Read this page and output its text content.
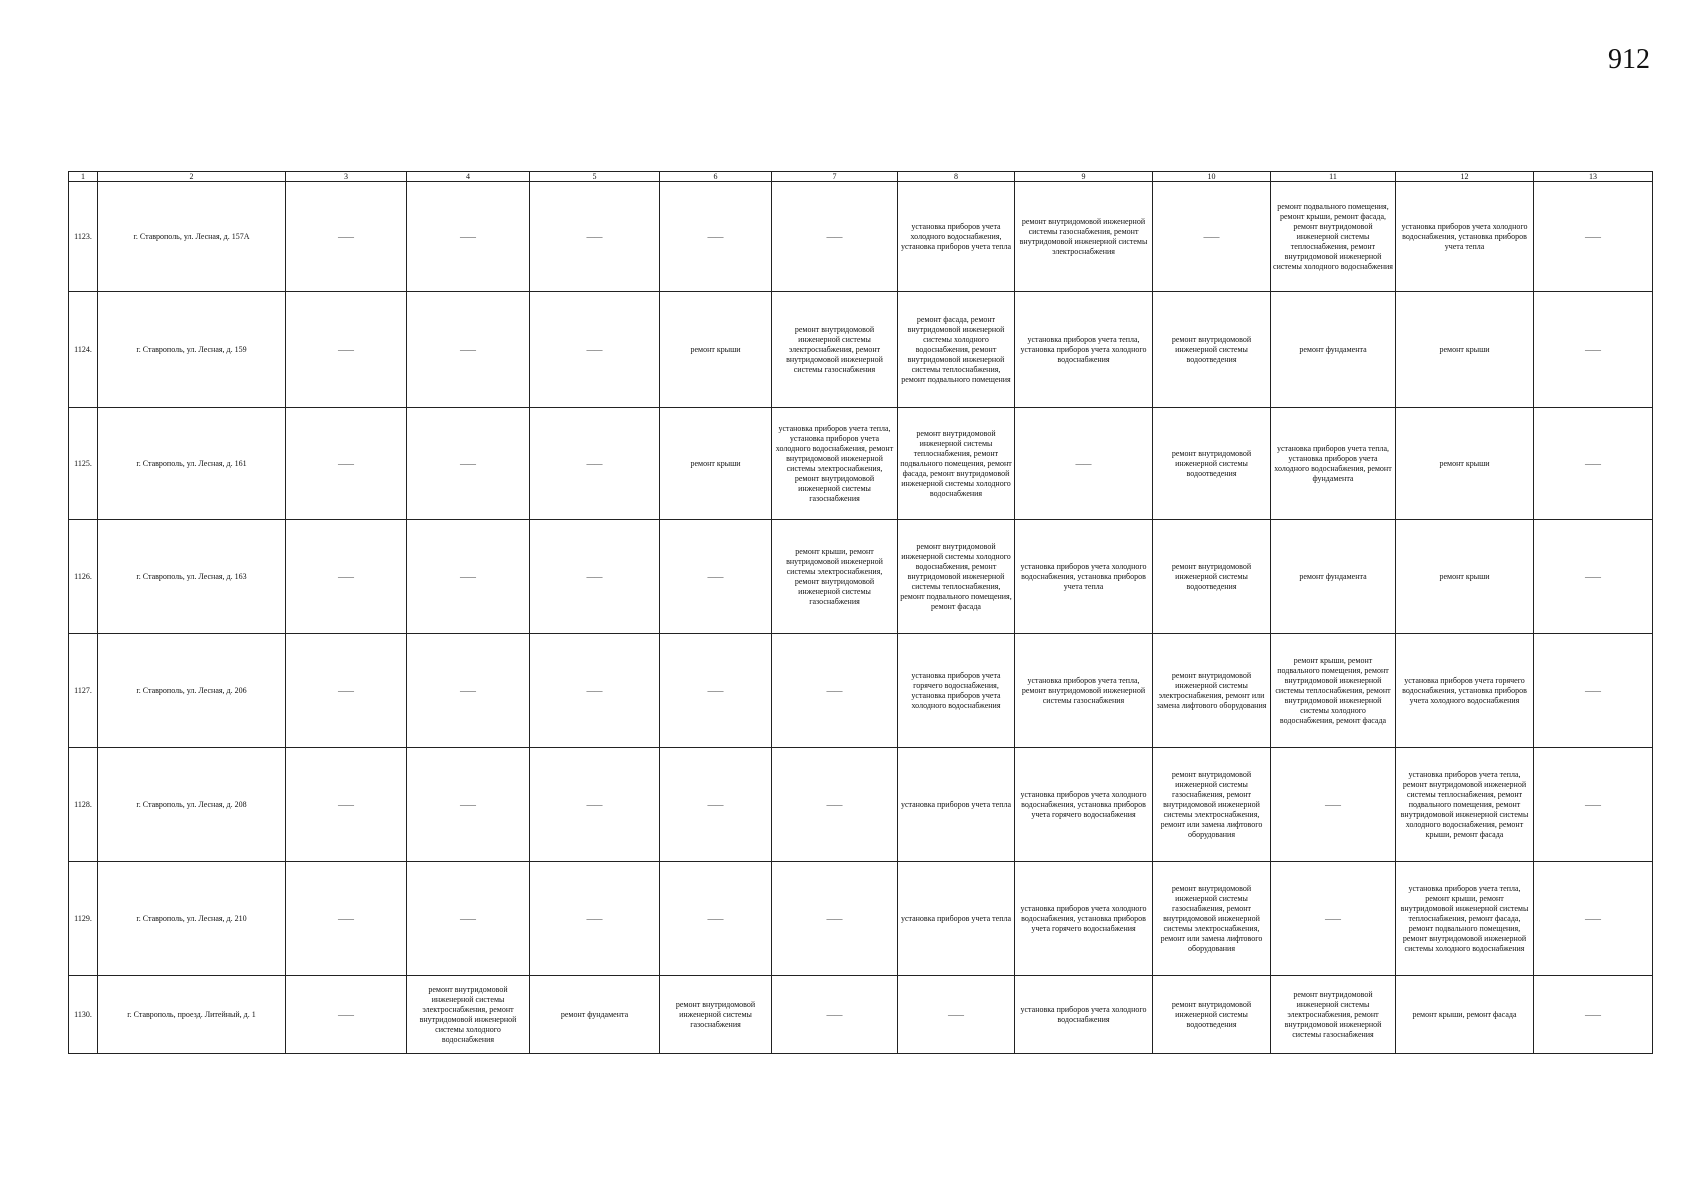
912
1	2	3	4	5	6	7	8	9	10	11	12	13
1123.	г. Ставрополь, ул. Лесная, д. 157А	——	——	——	——	——	установка приборов учета холодного водоснабжения, установка приборов учета тепла	ремонт внутридомовой инженерной системы газоснабжения, ремонт внутридомовой инженерной системы электроснабжения	——	ремонт подвального помещения, ремонт крыши, ремонт фасада, ремонт внутридомовой инженерной системы теплоснабжения, ремонт внутридомовой инженерной системы холодного водоснабжения	установка приборов учета холодного водоснабжения, установка приборов учета тепла	——
1124.	г. Ставрополь, ул. Лесная, д. 159	——	——	——	ремонт крыши	ремонт внутридомовой инженерной системы электроснабжения, ремонт внутридомовой инженерной системы газоснабжения	ремонт фасада, ремонт внутридомовой инженерной системы холодного водоснабжения, ремонт внутридомовой инженерной системы теплоснабжения, ремонт подвального помещения	установка приборов учета тепла, установка приборов учета холодного водоснабжения	ремонт внутридомовой инженерной системы водоотведения	ремонт фундамента	ремонт крыши	——
1125.	г. Ставрополь, ул. Лесная, д. 161	——	——	——	ремонт крыши	установка приборов учета тепла, установка приборов учета холодного водоснабжения, ремонт внутридомовой инженерной системы электроснабжения, ремонт внутридомовой инженерной системы газоснабжения	ремонт внутридомовой инженерной системы теплоснабжения, ремонт подвального помещения, ремонт фасада, ремонт внутридомовой инженерной системы холодного водоснабжения	——	ремонт внутридомовой инженерной системы водоотведения	установка приборов учета тепла, установка приборов учета холодного водоснабжения, ремонт фундамента	ремонт крыши	——
1126.	г. Ставрополь, ул. Лесная, д. 163	——	——	——	——	ремонт крыши, ремонт внутридомовой инженерной системы электроснабжения, ремонт внутридомовой инженерной системы газоснабжения	ремонт внутридомовой инженерной системы холодного водоснабжения, ремонт внутридомовой инженерной системы теплоснабжения, ремонт подвального помещения, ремонт фасада	установка приборов учета холодного водоснабжения, установка приборов учета тепла	ремонт внутридомовой инженерной системы водоотведения	ремонт фундамента	ремонт крыши	——
1127.	г. Ставрополь, ул. Лесная, д. 206	——	——	——	——	——	установка приборов учета горячего водоснабжения, установка приборов учета холодного водоснабжения	установка приборов учета тепла, ремонт внутридомовой инженерной системы газоснабжения	ремонт внутридомовой инженерной системы электроснабжения, ремонт или замена лифтового оборудования	ремонт крыши, ремонт подвального помещения, ремонт внутридомовой инженерной системы теплоснабжения, ремонт внутридомовой инженерной системы холодного водоснабжения, ремонт фасада	установка приборов учета горячего водоснабжения, установка приборов учета холодного водоснабжения	——
1128.	г. Ставрополь, ул. Лесная, д. 208	——	——	——	——	——	установка приборов учета тепла	установка приборов учета холодного водоснабжения, установка приборов учета горячего водоснабжения	ремонт внутридомовой инженерной системы газоснабжения, ремонт внутридомовой инженерной системы электроснабжения, ремонт или замена лифтового оборудования	——	установка приборов учета тепла, ремонт внутридомовой инженерной системы теплоснабжения, ремонт подвального помещения, ремонт внутридомовой инженерной системы холодного водоснабжения, ремонт крыши, ремонт фасада	——
1129.	г. Ставрополь, ул. Лесная, д. 210	——	——	——	——	——	установка приборов учета тепла	установка приборов учета холодного водоснабжения, установка приборов учета горячего водоснабжения	ремонт внутридомовой инженерной системы газоснабжения, ремонт внутридомовой инженерной системы электроснабжения, ремонт или замена лифтового оборудования	——	установка приборов учета тепла, ремонт крыши, ремонт внутридомовой инженерной системы теплоснабжения, ремонт фасада, ремонт подвального помещения, ремонт внутридомовой инженерной системы холодного водоснабжения	——
1130.	г. Ставрополь, проезд. Литейный, д. 1	——	ремонт внутридомовой инженерной системы электроснабжения, ремонт внутридомовой инженерной системы холодного водоснабжения	ремонт фундамента	ремонт внутридомовой инженерной системы газоснабжения	——	——	установка приборов учета холодного водоснабжения	ремонт внутридомовой инженерной системы водоотведения	ремонт внутридомовой инженерной системы электроснабжения, ремонт внутридомовой инженерной системы газоснабжения	ремонт крыши, ремонт фасада	——
